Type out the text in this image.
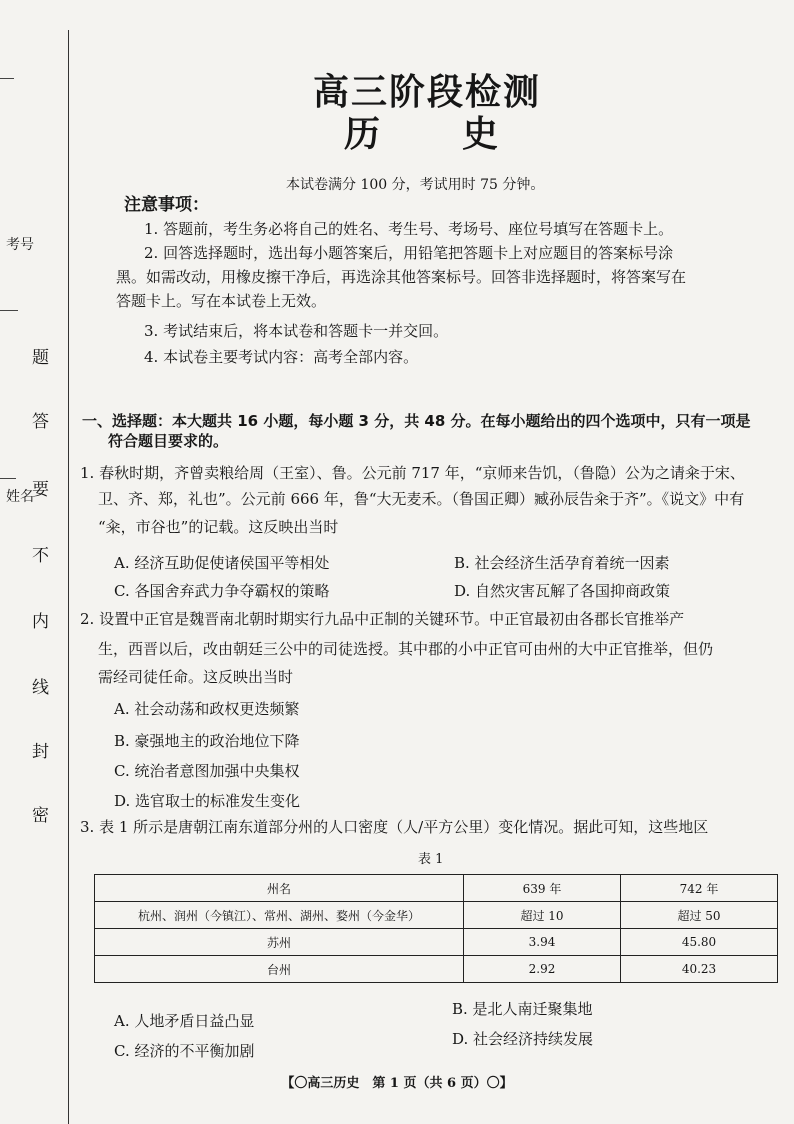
考号
姓名
题
答
要
不
内
线
封
密
高三阶段检测
历 史
本试卷满分 100 分，考试用时 75 分钟。
注意事项：
1. 答题前，考生务必将自己的姓名、考生号、考场号、座位号填写在答题卡上。
2. 回答选择题时，选出每小题答案后，用铅笔把答题卡上对应题目的答案标号涂
黑。如需改动，用橡皮擦干净后，再选涂其他答案标号。回答非选择题时，将答案写在
答题卡上。写在本试卷上无效。
3. 考试结束后，将本试卷和答题卡一并交回。
4. 本试卷主要考试内容：高考全部内容。
一、选择题：本大题共 16 小题，每小题 3 分，共 48 分。在每小题给出的四个选项中，只有一项是
符合题目要求的。
1. 春秋时期，齐曾卖粮给周（王室）、鲁。公元前 717 年，“京师来告饥，（鲁隐）公为之请籴于宋、
卫、齐、郑，礼也”。公元前 666 年，鲁“大无麦禾。（鲁国正卿）臧孙辰告籴于齐”。《说文》中有
“籴，市谷也”的记载。这反映出当时
A. 经济互助促使诸侯国平等相处	B. 社会经济生活孕育着统一因素
C. 各国舍弃武力争夺霸权的策略	D. 自然灾害瓦解了各国抑商政策
2. 设置中正官是魏晋南北朝时期实行九品中正制的关键环节。中正官最初由各郡长官推举产
生，西晋以后，改由朝廷三公中的司徒选授。其中郡的小中正官可由州的大中正官推举，但仍
需经司徒任命。这反映出当时
A. 社会动荡和政权更迭频繁
B. 豪强地主的政治地位下降
C. 统治者意图加强中央集权
D. 选官取士的标准发生变化
3. 表 1 所示是唐朝江南东道部分州的人口密度（人/平方公里）变化情况。据此可知，这些地区
表 1
州名	639 年	742 年
杭州、润州（今镇江）、常州、湖州、婺州（今金华）	超过 10	超过 50
苏州	3.94	45.80
台州	2.92	40.23
A. 人地矛盾日益凸显
B. 是北人南迁聚集地
C. 经济的不平衡加剧
D. 社会经济持续发展
【〇高三历史　第 1 页（共 6 页）〇】
